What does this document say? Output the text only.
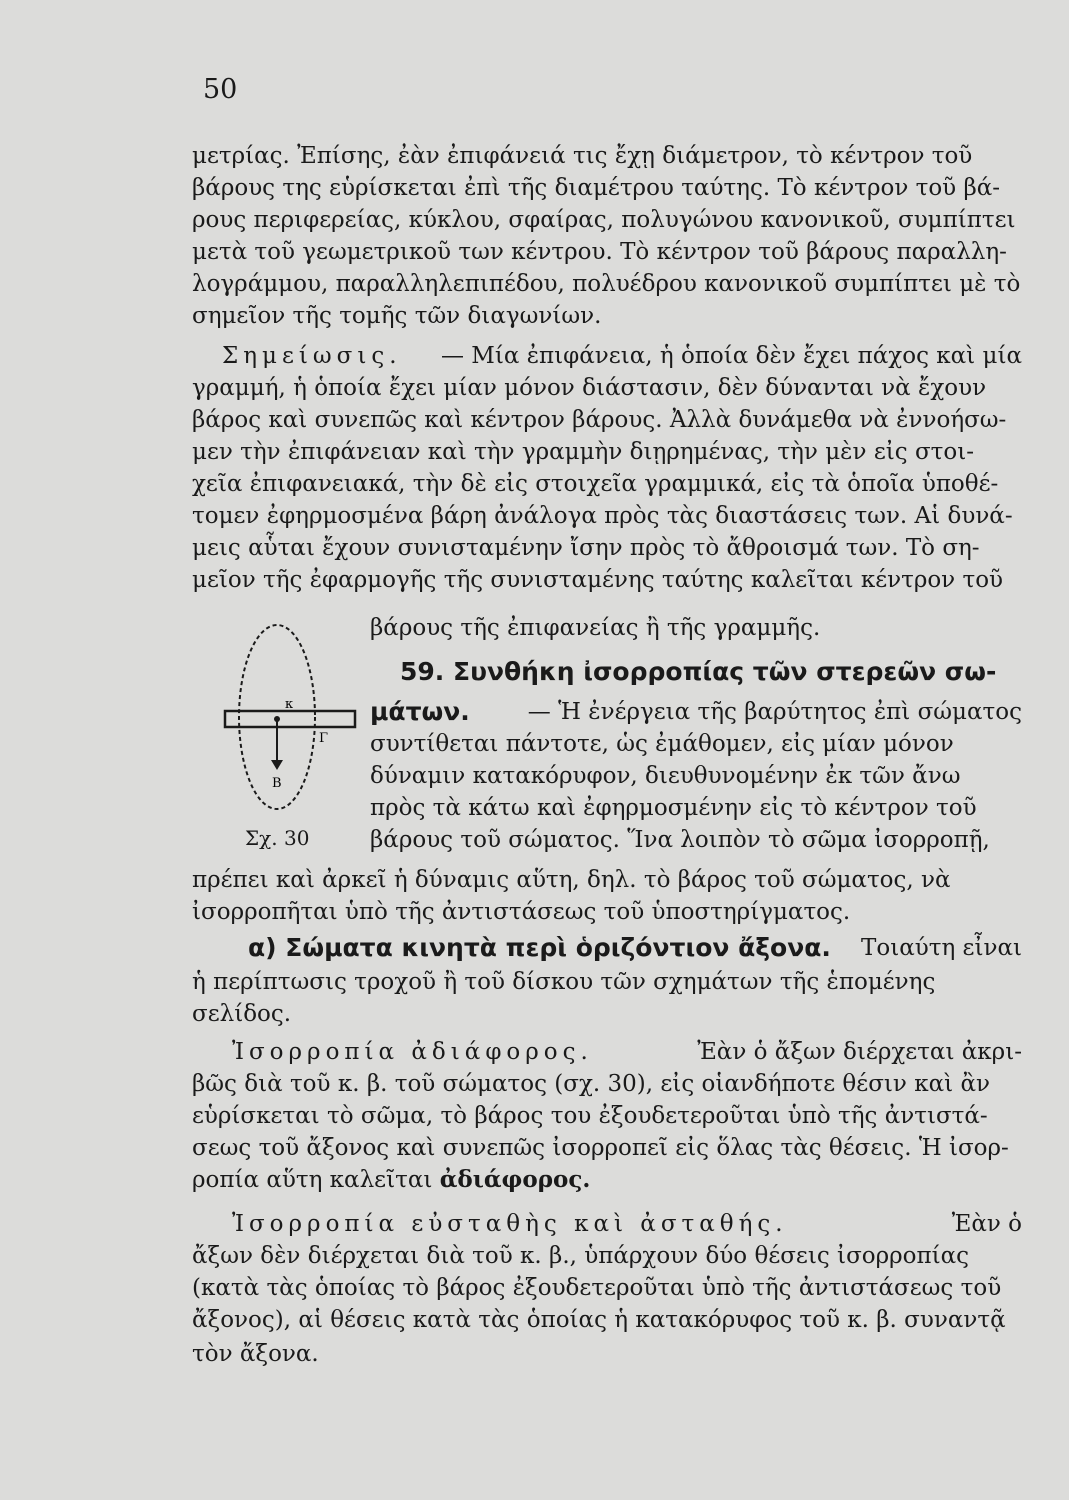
50
μετρίας. Ἐπίσης, ἐὰν ἐπιφάνειά τις ἔχῃ διάμετρον, τὸ κέντρον τοῦ
βάρους της εὑρίσκεται ἐπὶ τῆς διαμέτρου ταύτης. Τὸ κέντρον τοῦ βά-
ρους περιφερείας, κύκλου, σφαίρας, πολυγώνου κανονικοῦ, συμπίπτει
μετὰ τοῦ γεωμετρικοῦ των κέντρου. Τὸ κέντρον τοῦ βάρους παραλλη-
λογράμμου, παραλληλεπιπέδου, πολυέδρου κανονικοῦ συμπίπτει μὲ τὸ
σημεῖον τῆς τομῆς τῶν διαγωνίων.
Σημείωσις. — Μία ἐπιφάνεια, ἡ ὁποία δὲν ἔχει πάχος καὶ μία
γραμμή, ἡ ὁποία ἔχει μίαν μόνον διάστασιν, δὲν δύνανται νὰ ἔχουν
βάρος καὶ συνεπῶς καὶ κέντρον βάρους. Ἀλλὰ δυνάμεθα νὰ ἐννοήσω-
μεν τὴν ἐπιφάνειαν καὶ τὴν γραμμὴν διῃρημένας, τὴν μὲν εἰς στοι-
χεῖα ἐπιφανειακά, τὴν δὲ εἰς στοιχεῖα γραμμικά, εἰς τὰ ὁποῖα ὑποθέ-
τομεν ἐφηρμοσμένα βάρη ἀνάλογα πρὸς τὰς διαστάσεις των. Αἱ δυνά-
μεις αὗται ἔχουν συνισταμένην ἴσην πρὸς τὸ ἄθροισμά των. Τὸ ση-
μεῖον τῆς ἐφαρμογῆς τῆς συνισταμένης ταύτης καλεῖται κέντρον τοῦ
βάρους τῆς ἐπιφανείας ἢ τῆς γραμμῆς.
59. Συνθήκη ἰσορροπίας τῶν στερεῶν σω-
μάτων.	— Ἡ ἐνέργεια τῆς βαρύτητος ἐπὶ σώματος
συντίθεται πάντοτε, ὡς ἐμάθομεν, εἰς μίαν μόνον
δύναμιν κατακόρυφον, διευθυνομένην ἐκ τῶν ἄνω
πρὸς τὰ κάτω καὶ ἐφηρμοσμένην εἰς τὸ κέντρον τοῦ
βάρους τοῦ σώματος. Ἵνα λοιπὸν τὸ σῶμα ἰσορροπῇ,
πρέπει καὶ ἀρκεῖ ἡ δύναμις αὕτη, δηλ. τὸ βάρος τοῦ σώματος, νὰ
ἰσορροπῆται ὑπὸ τῆς ἀντιστάσεως τοῦ ὑποστηρίγματος.
α) Σώματα κινητὰ περὶ ὁριζόντιον ἄξονα. Τοιαύτη εἶναι
ἡ περίπτωσις τροχοῦ ἢ τοῦ δίσκου τῶν σχημάτων τῆς ἑπομένης
σελίδος.
Ἰσορροπία ἀδιάφορος.	Ἐὰν ὁ ἄξων διέρχεται ἀκρι-
βῶς διὰ τοῦ κ. β. τοῦ σώματος (σχ. 30), εἰς οἱανδήποτε θέσιν καὶ ἂν
εὑρίσκεται τὸ σῶμα, τὸ βάρος του ἐξουδετεροῦται ὑπὸ τῆς ἀντιστά-
σεως τοῦ ἄξονος καὶ συνεπῶς ἰσορροπεῖ εἰς ὅλας τὰς θέσεις. Ἡ ἰσορ-
ροπία αὕτη καλεῖται
ἀδιάφορος.
Ἰσορροπία εὐσταθὴς καὶ ἀσταθής.	Ἐὰν ὁ
ἄξων δὲν διέρχεται διὰ τοῦ κ. β., ὑπάρχουν δύο θέσεις ἰσορροπίας
(κατὰ τὰς ὁποίας τὸ βάρος ἐξουδετεροῦται ὑπὸ τῆς ἀντιστάσεως τοῦ
ἄξονος), αἱ θέσεις κατὰ τὰς ὁποίας ἡ κατακόρυφος τοῦ κ. β. συναντᾷ
τὸν ἄξονα.
κ
Γ
Β
Σχ. 30
